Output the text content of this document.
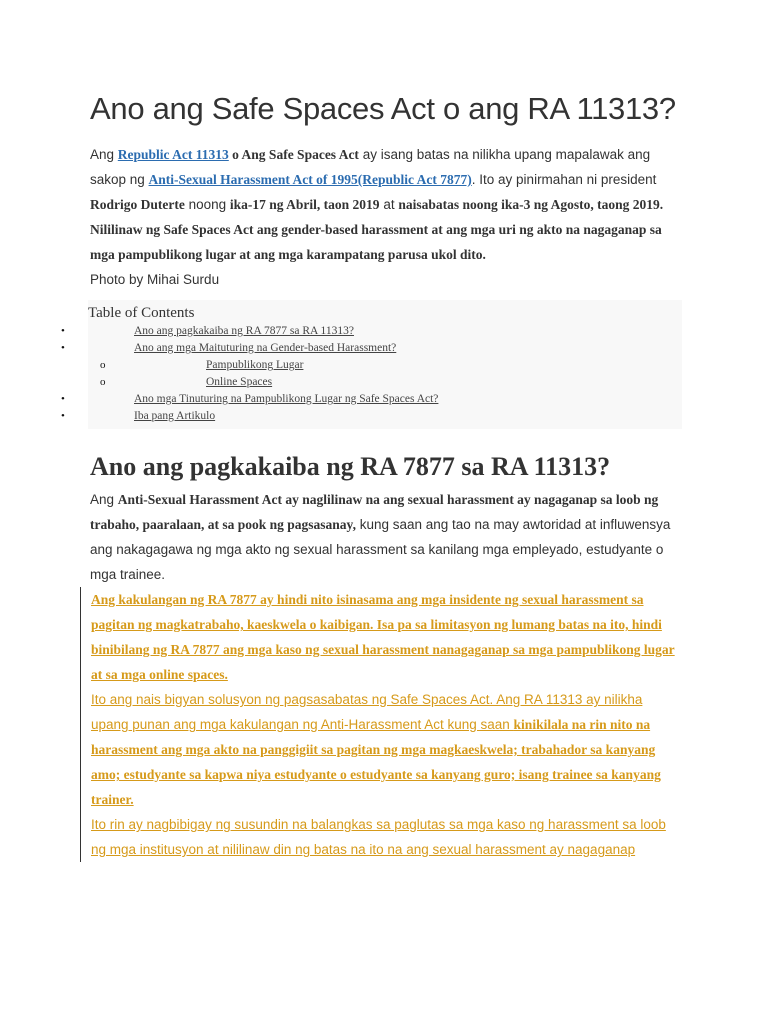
Ano ang Safe Spaces Act o ang RA 11313?

Ang Republic Act 11313 o Ang Safe Spaces Act ay isang batas na nilikha upang mapalawak ang sakop ng Anti-Sexual Harassment Act of 1995(Republic Act 7877). Ito ay pinirmahan ni president Rodrigo Duterte noong ika-17 ng Abril, taon 2019 at naisabatas noong ika-3 ng Agosto, taong 2019.

Nililinaw ng Safe Spaces Act ang gender-based harassment at ang mga uri ng akto na nagaganap sa mga pampublikong lugar at ang mga karampatang parusa ukol dito.

Photo by Mihai Surdu

Table of Contents
•	Ano ang pagkakaiba ng RA 7877 sa RA 11313?
•	Ano ang mga Maituturing na Gender-based Harassment?
o	Pampublikong Lugar
o	Online Spaces
•	Ano mga Tinuturing na Pampublikong Lugar ng Safe Spaces Act?
•	Iba pang Artikulo
Ano ang pagkakaiba ng RA 7877 sa RA 11313?

Ang Anti-Sexual Harassment Act ay naglilinaw na ang sexual harassment ay nagaganap sa loob ng trabaho, paaralaan, at sa pook ng pagsasanay, kung saan ang tao na may awtoridad at influwensya ang nakagagawa ng mga akto ng sexual harassment sa kanilang mga empleyado, estudyante o mga trainee.

Ang kakulangan ng RA 7877 ay hindi nito isinasama ang mga insidente ng sexual harassment sa pagitan ng magkatrabaho, kaeskwela o kaibigan. Isa pa sa limitasyon ng lumang batas na ito, hindi binibilang ng RA 7877 ang mga kaso ng sexual harassment nanagaganap sa mga pampublikong lugar at sa mga online spaces.

Ito ang nais bigyan solusyon ng pagsasabatas ng Safe Spaces Act. Ang RA 11313 ay nilikha upang punan ang mga kakulangan ng Anti-Harassment Act kung saan kinikilala na rin nito na harassment ang mga akto na panggigiit sa pagitan ng mga magkaeskwela; trabahador sa kanyang amo; estudyante sa kapwa niya estudyante o estudyante sa kanyang guro; isang trainee sa kanyang trainer.

Ito rin ay nagbibigay ng susundin na balangkas sa paglutas sa mga kaso ng harassment sa loob ng mga institusyon at nililinaw din ng batas na ito na ang sexual harassment ay nagaganap
